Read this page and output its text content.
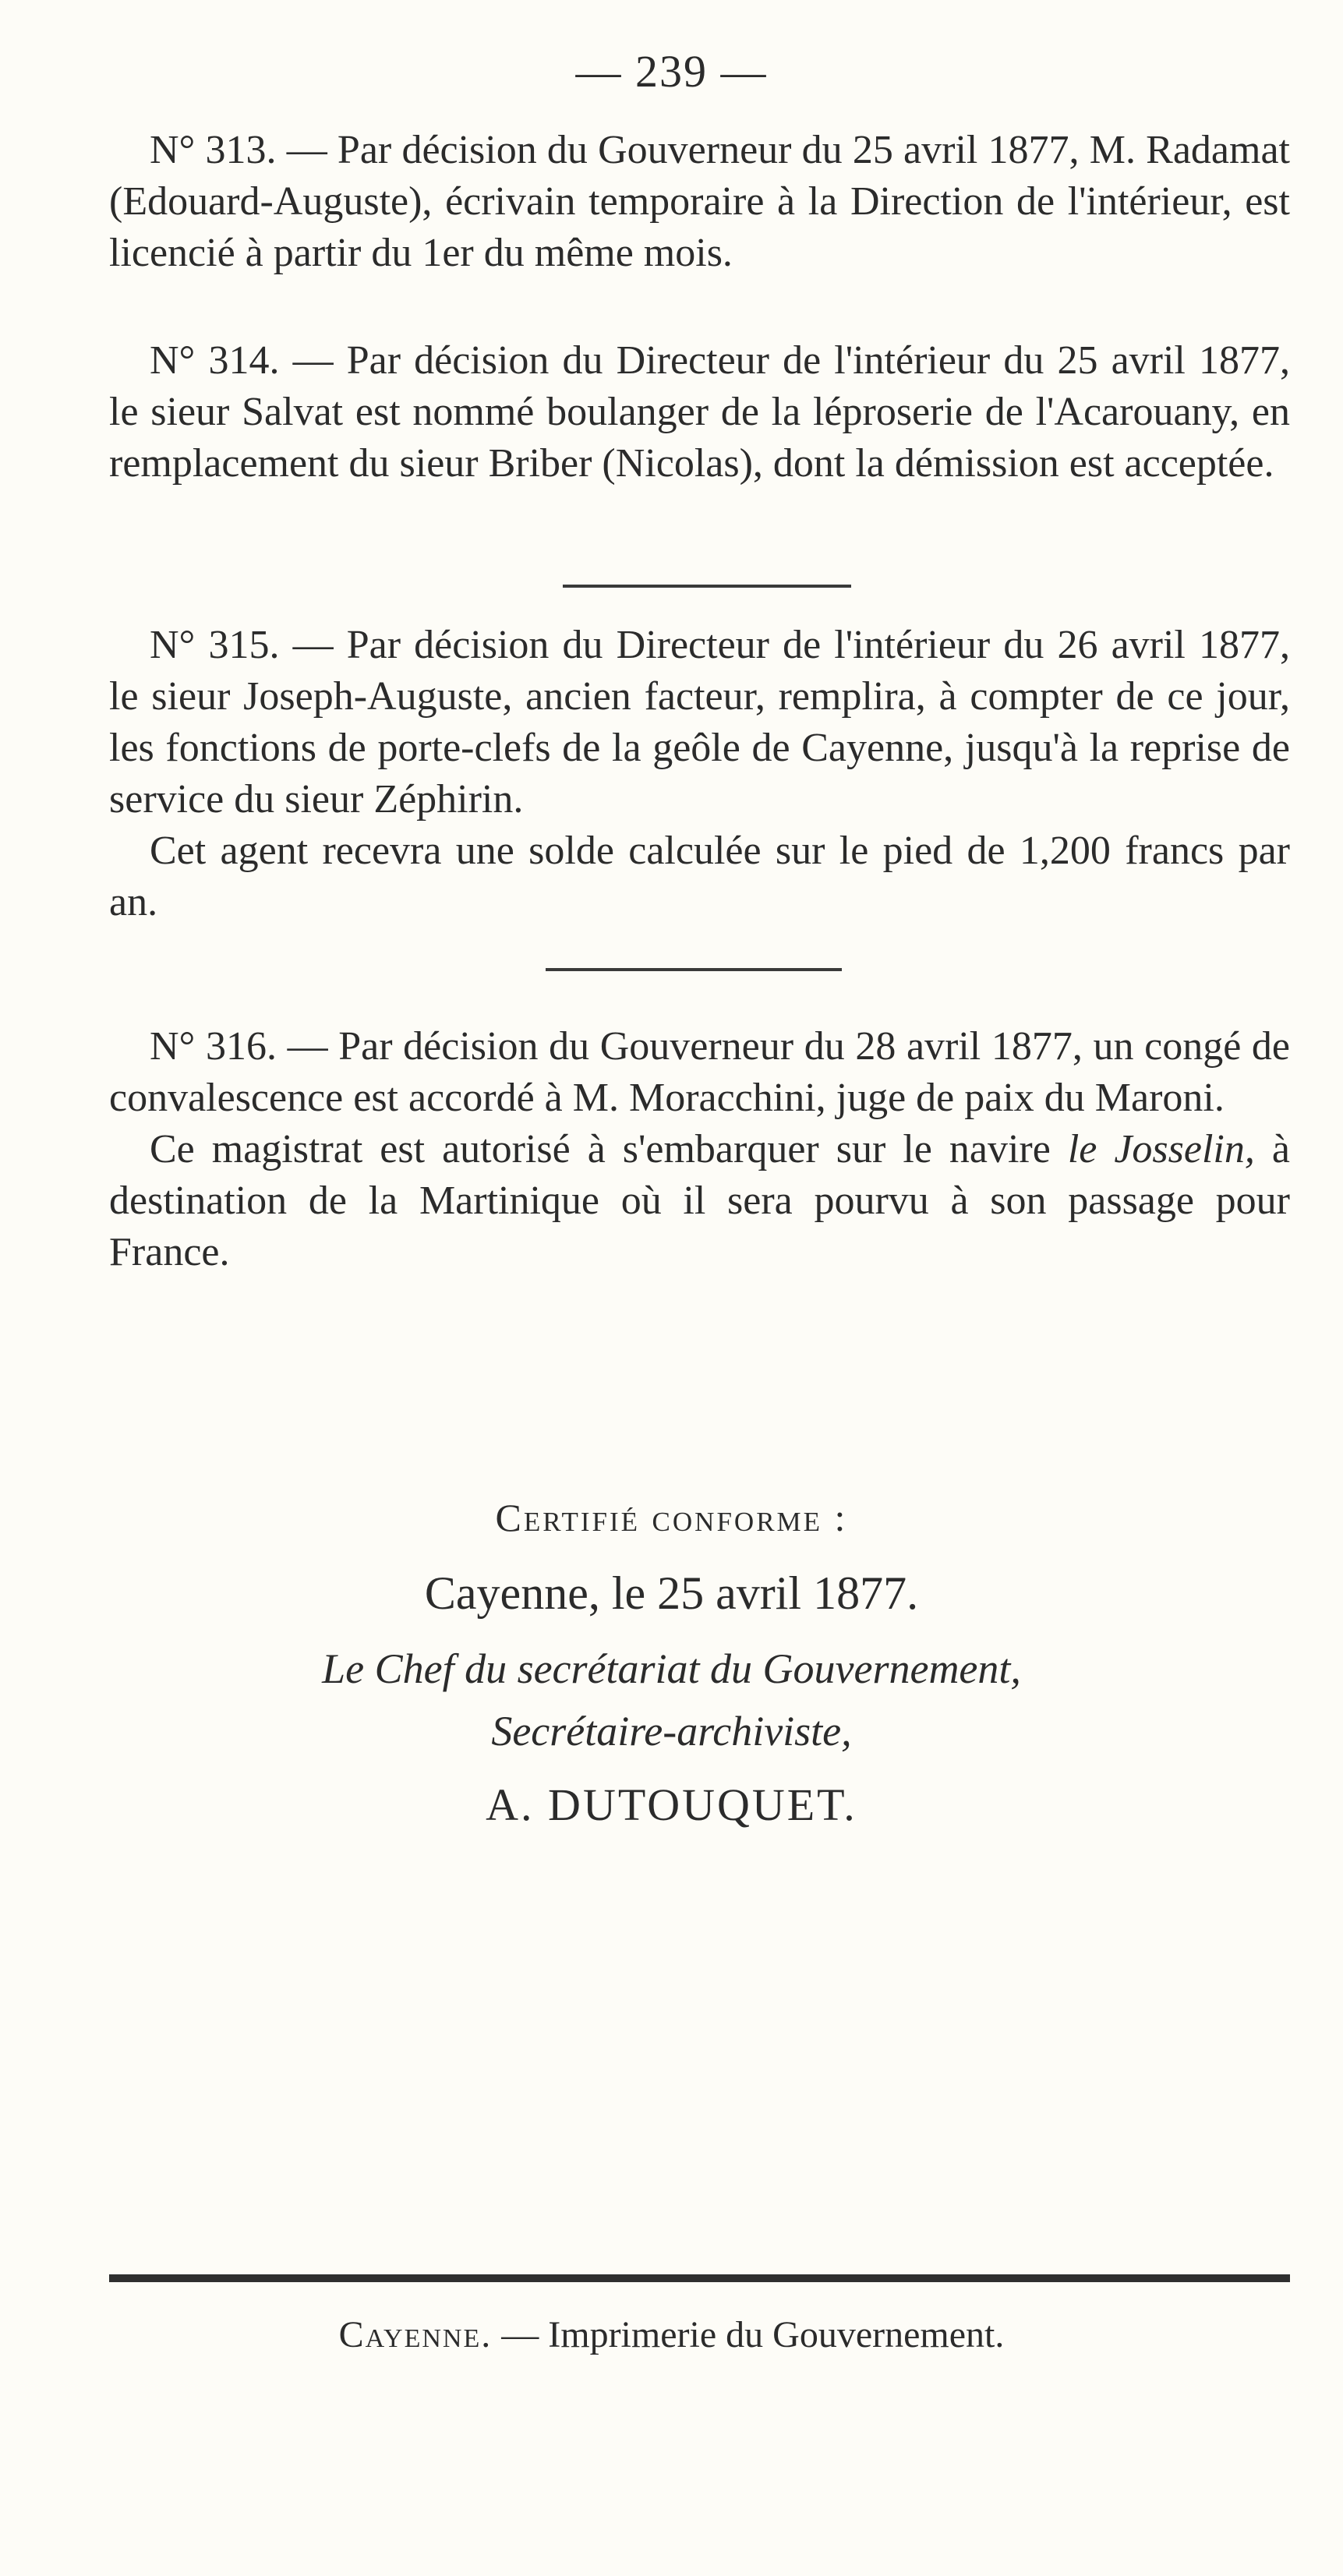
— 239 —

N° 313. — Par décision du Gouverneur du 25 avril 1877, M. Radamat (Edouard-Auguste), écrivain temporaire à la Direction de l'intérieur, est licencié à partir du 1er du même mois.

N° 314. — Par décision du Directeur de l'intérieur du 25 avril 1877, le sieur Salvat est nommé boulanger de la léproserie de l'Acarouany, en remplacement du sieur Briber (Nicolas), dont la démission est acceptée.

N° 315. — Par décision du Directeur de l'intérieur du 26 avril 1877, le sieur Joseph-Auguste, ancien facteur, remplira, à compter de ce jour, les fonctions de porte-clefs de la geôle de Cayenne, jusqu'à la reprise de service du sieur Zéphirin.

Cet agent recevra une solde calculée sur le pied de 1,200 francs par an.

N° 316. — Par décision du Gouverneur du 28 avril 1877, un congé de convalescence est accordé à M. Moracchini, juge de paix du Maroni.

Ce magistrat est autorisé à s'embarquer sur le navire le Josselin, à destination de la Martinique où il sera pourvu à son passage pour France.

Certifié conforme :
Cayenne, le 25 avril 1877.
Le Chef du secrétariat du Gouvernement,
Secrétaire-archiviste,
A. DUTOUQUET.
Cayenne. — Imprimerie du Gouvernement.
